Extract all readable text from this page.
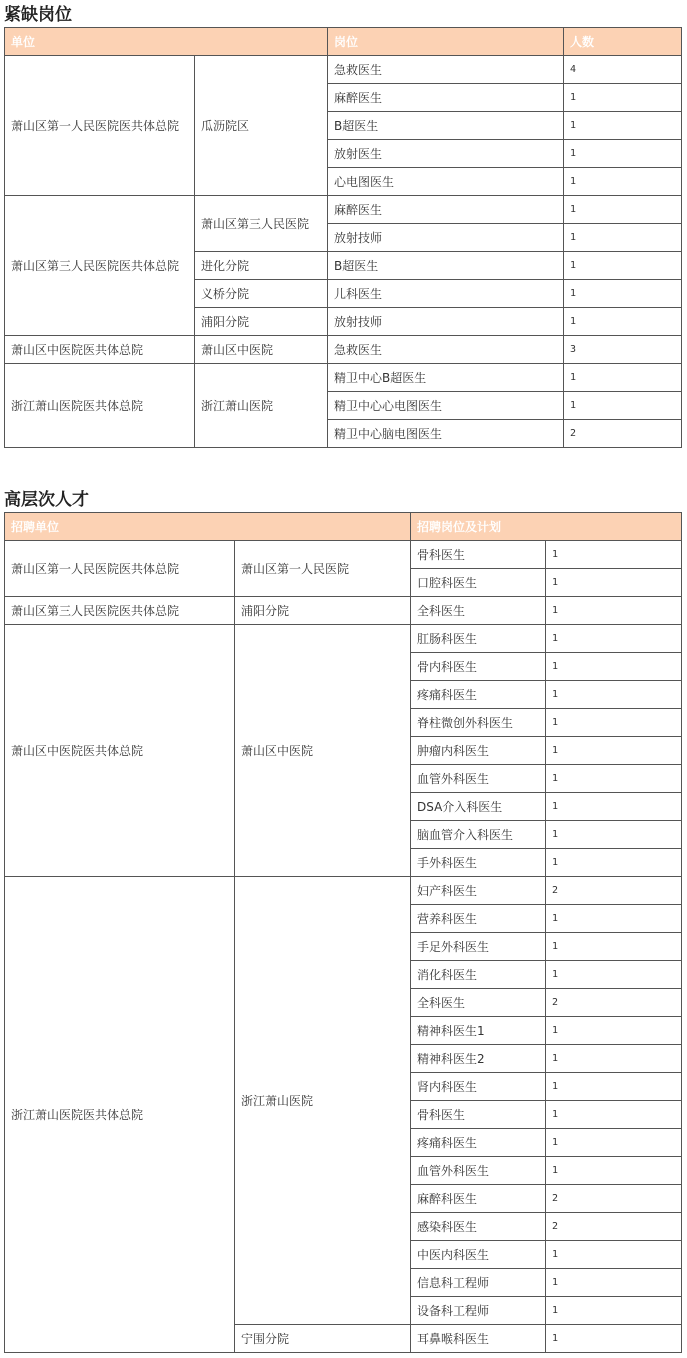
紧缺岗位
单位		岗位	人数
萧山区第一人民医院医共体总院	瓜沥院区	急救医生	4
		麻醉医生	1
		B超医生	1
		放射医生	1
		心电图医生	1
萧山区第三人民医院医共体总院	萧山区第三人民医院	麻醉医生	1
		放射技师	1
	进化分院	B超医生	1
	义桥分院	儿科医生	1
	浦阳分院	放射技师	1
萧山区中医院医共体总院	萧山区中医院	急救医生	3
浙江萧山医院医共体总院	浙江萧山医院	精卫中心B超医生	1
		精卫中心心电图医生	1
		精卫中心脑电图医生	2
高层次人才
招聘单位		招聘岗位及计划	
萧山区第一人民医院医共体总院	萧山区第一人民医院	骨科医生	1
		口腔科医生	1
萧山区第三人民医院医共体总院	浦阳分院	全科医生	1
萧山区中医院医共体总院	萧山区中医院	肛肠科医生	1
		骨内科医生	1
		疼痛科医生	1
		脊柱微创外科医生	1
		肿瘤内科医生	1
		血管外科医生	1
		DSA介入科医生	1
		脑血管介入科医生	1
		手外科医生	1
浙江萧山医院医共体总院	浙江萧山医院	妇产科医生	2
		营养科医生	1
		手足外科医生	1
		消化科医生	1
		全科医生	2
		精神科医生1	1
		精神科医生2	1
		肾内科医生	1
		骨科医生	1
		疼痛科医生	1
		血管外科医生	1
		麻醉科医生	2
		感染科医生	2
		中医内科医生	1
		信息科工程师	1
		设备科工程师	1
	宁围分院	耳鼻喉科医生	1
